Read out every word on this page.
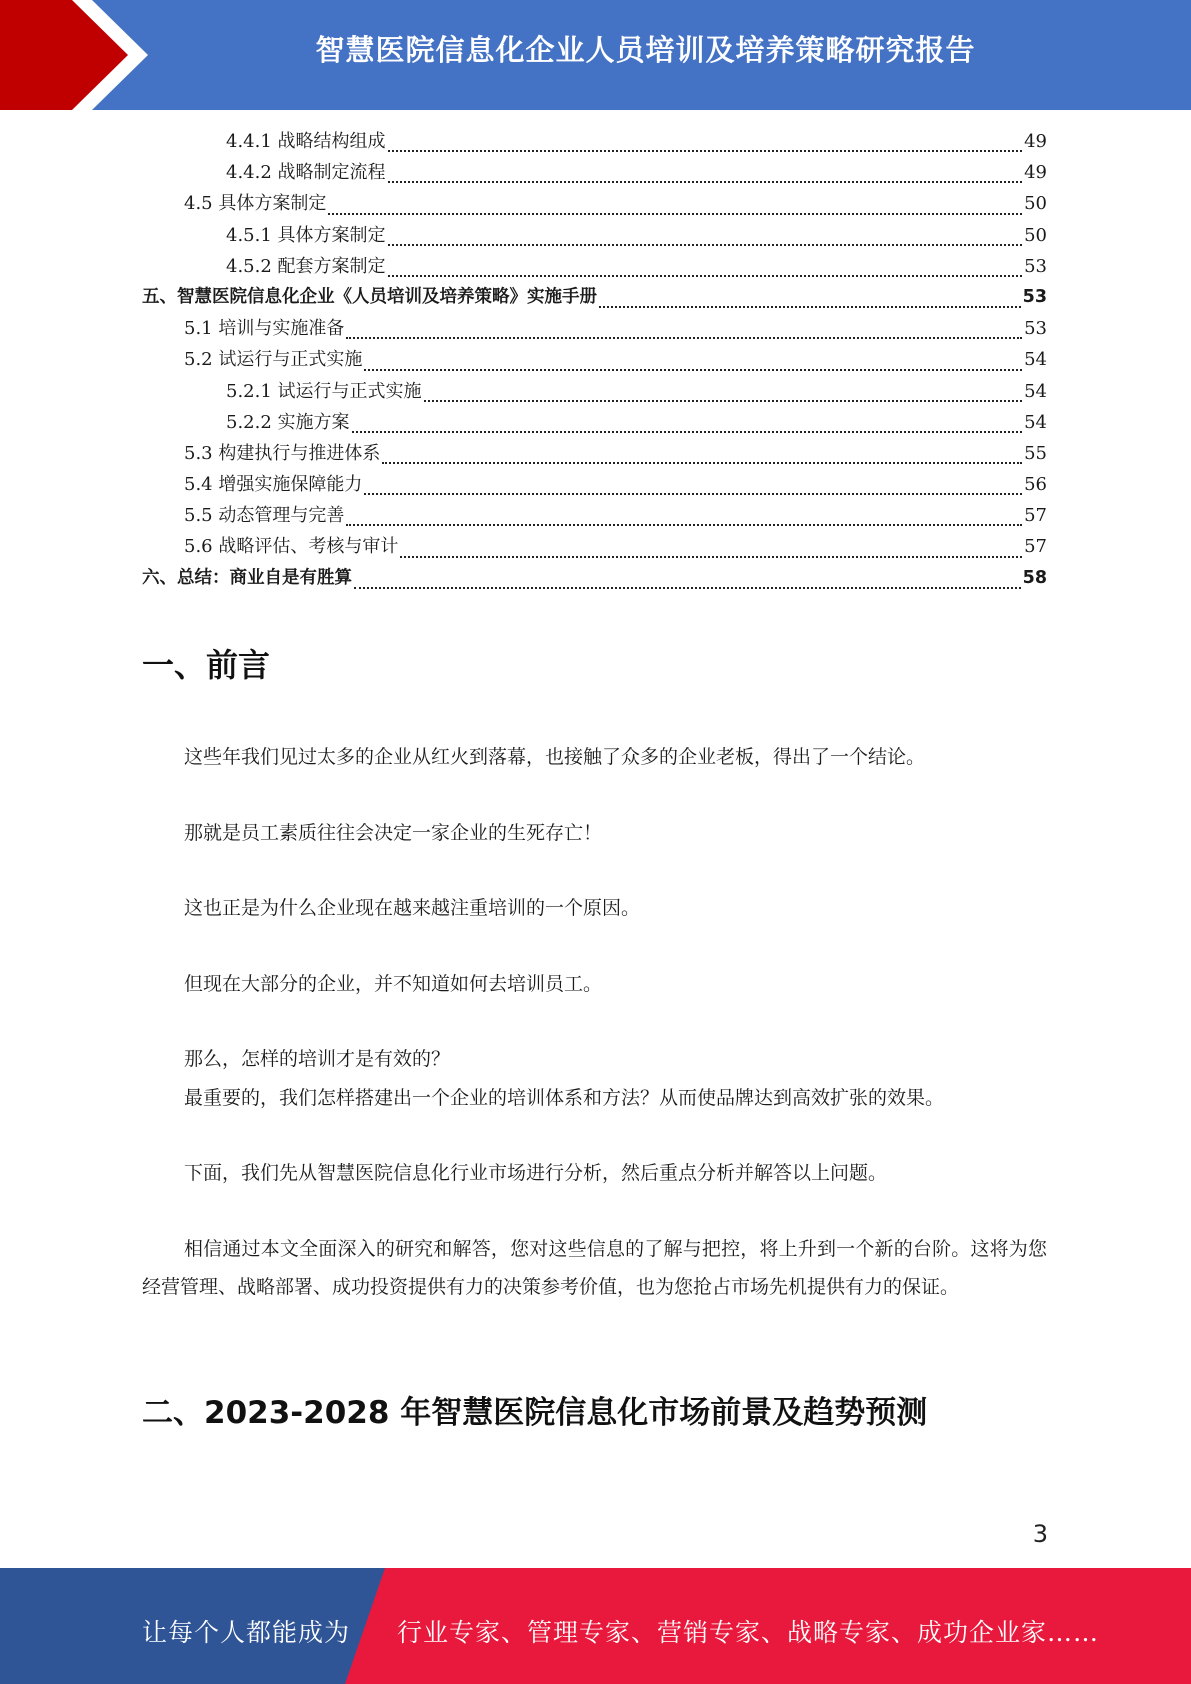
智慧医院信息化企业人员培训及培养策略研究报告
4.4.1 战略结构组成	49
4.4.2 战略制定流程	49
4.5 具体方案制定	50
4.5.1 具体方案制定	50
4.5.2 配套方案制定	53
五、智慧医院信息化企业《人员培训及培养策略》实施手册	53
5.1 培训与实施准备	53
5.2 试运行与正式实施	54
5.2.1 试运行与正式实施	54
5.2.2 实施方案	54
5.3 构建执行与推进体系	55
5.4 增强实施保障能力	56
5.5 动态管理与完善	57
5.6 战略评估、考核与审计	57
六、总结：商业自是有胜算	58
一、前言
这些年我们见过太多的企业从红火到落幕，也接触了众多的企业老板，得出了一个结论。
那就是员工素质往往会决定一家企业的生死存亡！
这也正是为什么企业现在越来越注重培训的一个原因。
但现在大部分的企业，并不知道如何去培训员工。
那么，怎样的培训才是有效的？
最重要的，我们怎样搭建出一个企业的培训体系和方法？从而使品牌达到高效扩张的效果。
下面，我们先从智慧医院信息化行业市场进行分析，然后重点分析并解答以上问题。
相信通过本文全面深入的研究和解答，您对这些信息的了解与把控，将上升到一个新的台阶。这将为您经营管理、战略部署、成功投资提供有力的决策参考价值，也为您抢占市场先机提供有力的保证。
二、2023-2028 年智慧医院信息化市场前景及趋势预测
3
让每个人都能成为 行业专家、管理专家、营销专家、战略专家、成功企业家……
